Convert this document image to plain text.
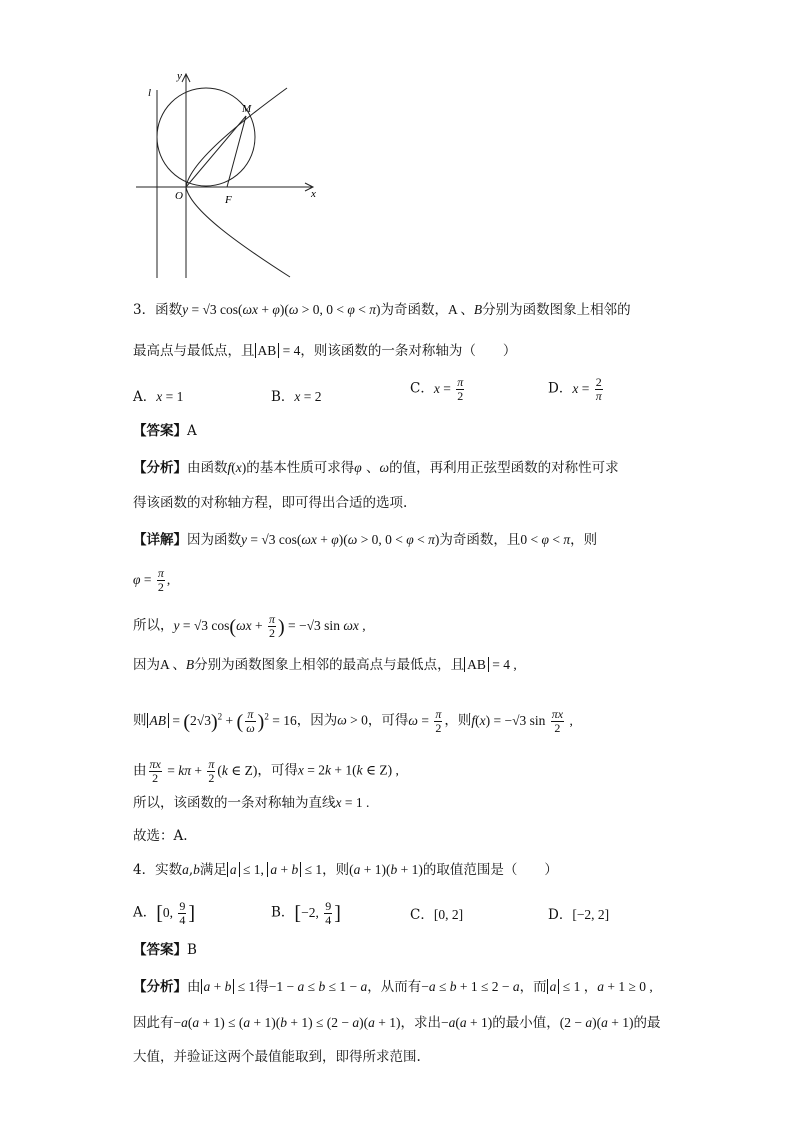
l
y
M
O	F	x
3．函数y = √3 cos(ωx + φ)(ω > 0, 0 < φ < π)为奇函数，A 、B分别为函数图象上相邻的
最高点与最低点，且 AB = 4，则该函数的一条对称轴为（　　）
A．x = 1	B．x = 2	C．$x = \frac{\pi}{2}$	D．$x = \frac{2}{\pi}$
【答案】A
【分析】由函数f(x)的基本性质可求得φ 、ω的值，再利用正弦型函数的对称性可求
得该函数的对称轴方程，即可得出合适的选项.
【详解】因为函数y = √3 cos(ωx + φ)(ω > 0, 0 < φ < π)为奇函数，且0 < φ < π，则
$\varphi = \frac{\pi}{2}$ ,
所以，y = √3 $\cos(\omega x + \frac{\pi}{2}$ ) = −√3 sin ωx ,
因为A 、B分别为函数图象上相邻的最高点与最低点，且 AB = 4 ,
则 AB = $(2√3)^2$ + ( $\frac{\pi}{\omega} )^2 = 16$，因为ω > 0，可得$\omega = \frac{\pi}{2}$ ，则f(x) = −√3 $\sin \frac{\pi x}{2}$ ,
由 $\frac{\pi x}{2} = k\pi + \frac{\pi}{2} (k$ ∈ Z)，可得x = 2k + 1(k ∈ Z) ,
所以，该函数的一条对称轴为直线x = 1 .
故选：A.
4．实数a,b满足 a ≤ 1, a + b ≤ 1，则(a + 1)(b + 1)的取值范围是（　　）
A．[0, $\frac{9}{4}$ ]	B．[−2, $\frac{9}{4}$ ]	C．[0, 2]	D．[−2, 2]
【答案】B
【分析】由 a + b ≤ 1得−1 − a ≤ b ≤ 1 − a，从而有−a ≤ b + 1 ≤ 2 − a，而 a ≤ 1 ，a + 1 ≥ 0 ,
因此有−a(a + 1) ≤ (a + 1)(b + 1) ≤ (2 − a)(a + 1)，求出−a(a + 1)的最小值，(2 − a)(a + 1)的最
大值，并验证这两个最值能取到，即得所求范围.
